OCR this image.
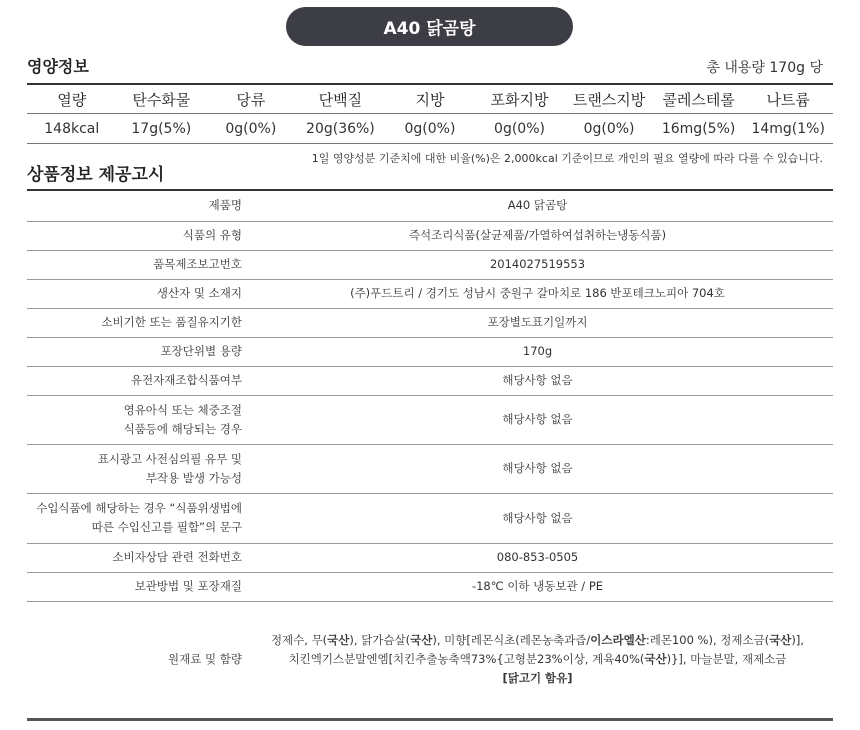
A40 닭곰탕
영양정보	총 내용량 170g 당
열량	탄수화물	당류	단백질	지방	포화지방	트랜스지방	콜레스테롤	나트륨
148kcal	17g(5%)	0g(0%)	20g(36%)	0g(0%)	0g(0%)	0g(0%)	16mg(5%)	14mg(1%)
1일 영양성분 기준치에 대한 비율(%)은 2,000kcal 기준이므로 개인의 필요 열량에 따라 다를 수 있습니다.
상품정보 제공고시
제품명	A40 닭곰탕
식품의 유형	즉석조리식품(살균제품/가열하여섭취하는냉동식품)
품목제조보고번호	2014027519553
생산자 및 소재지	(주)푸드트리 / 경기도 성남시 중원구 갈마치로 186 반포테크노피아 704호
소비기한 또는 품질유지기한	포장별도표기일까지
포장단위별 용량	170g
유전자재조합식품여부	해당사항 없음

영유아식 또는 체중조절
식품등에 해당되는 경우	해당사항 없음

표시광고 사전심의필 유무 및
부작용 발생 가능성	해당사항 없음

수입식품에 해당하는 경우 “식품위생법에
따른 수입신고를 필함”의 문구	해당사항 없음
소비자상담 관련 전화번호	080-853-0505
보관방법 및 포장재질	-18℃ 이하 냉동보관 / PE
원재료 및 함량	정제수, 무(국산), 닭가슴살(국산), 미향[레몬식초(레몬농축과즙/이스라엘산:레몬100 %), 정제소금(국산)],
치킨엑기스분말엔엠[치킨추출농축액73%{고형분23%이상, 계육40%(국산)}], 마늘분말, 재제소금
[닭고기 함유]
